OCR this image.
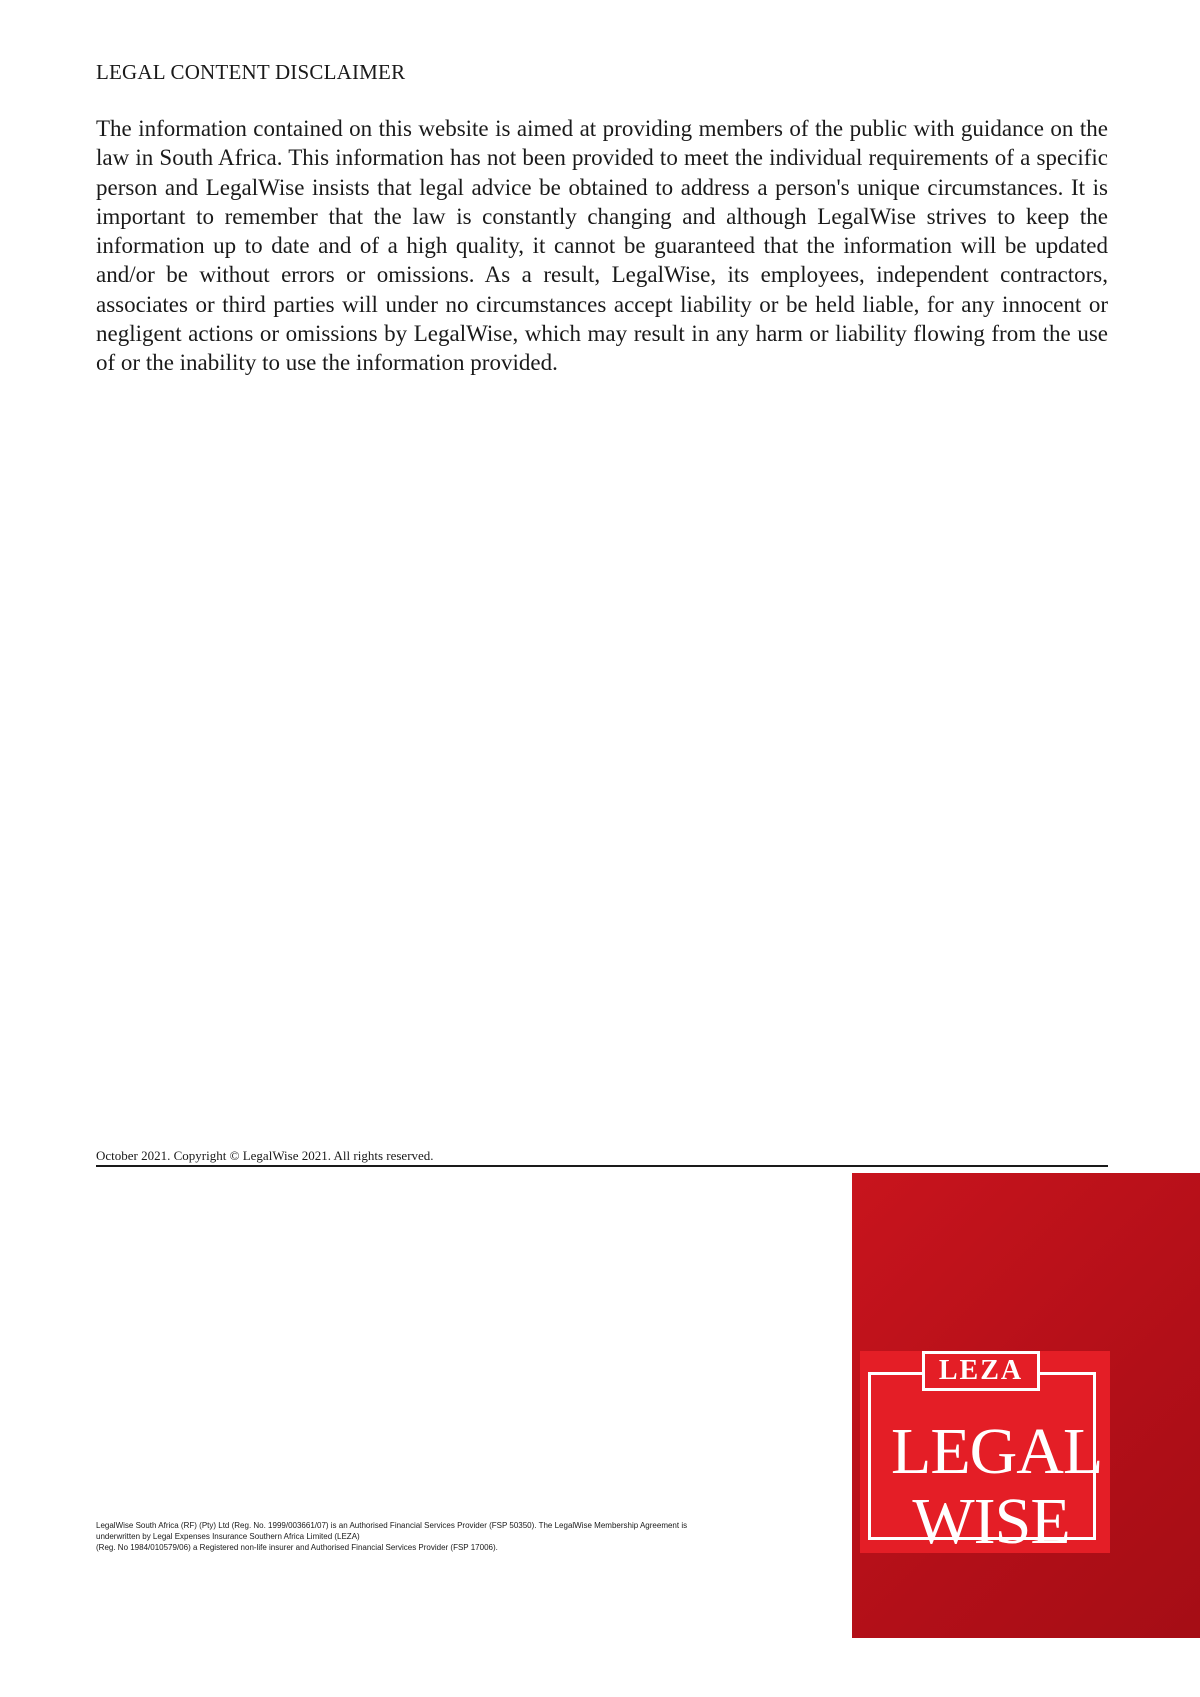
LEGAL CONTENT DISCLAIMER

The information contained on this website is aimed at providing members of the public with guidance on the law in South Africa. This information has not been provided to meet the individual requirements of a specific person and LegalWise insists that legal advice be obtained to address a person's unique circumstances. It is important to remember that the law is constantly changing and although LegalWise strives to keep the information up to date and of a high quality, it cannot be guaranteed that the information will be updated and/or be without errors or omissions. As a result, LegalWise, its employees, independent contractors, associates or third parties will under no circumstances accept liability or be held liable, for any innocent or negligent actions or omissions by LegalWise, which may result in any harm or liability flowing from the use of or the inability to use the information provided.

October 2021. Copyright © LegalWise 2021. All rights reserved.

LegalWise South Africa (RF) (Pty) Ltd (Reg. No. 1999/003661/07) is an Authorised Financial Services Provider (FSP 50350). The LegalWise Membership Agreement is
underwritten by Legal Expenses Insurance Southern Africa Limited (LEZA)
(Reg. No 1984/010579/06) a Registered non-life insurer and Authorised Financial Services Provider (FSP 17006).

LEGAL
WISE
LEZA
